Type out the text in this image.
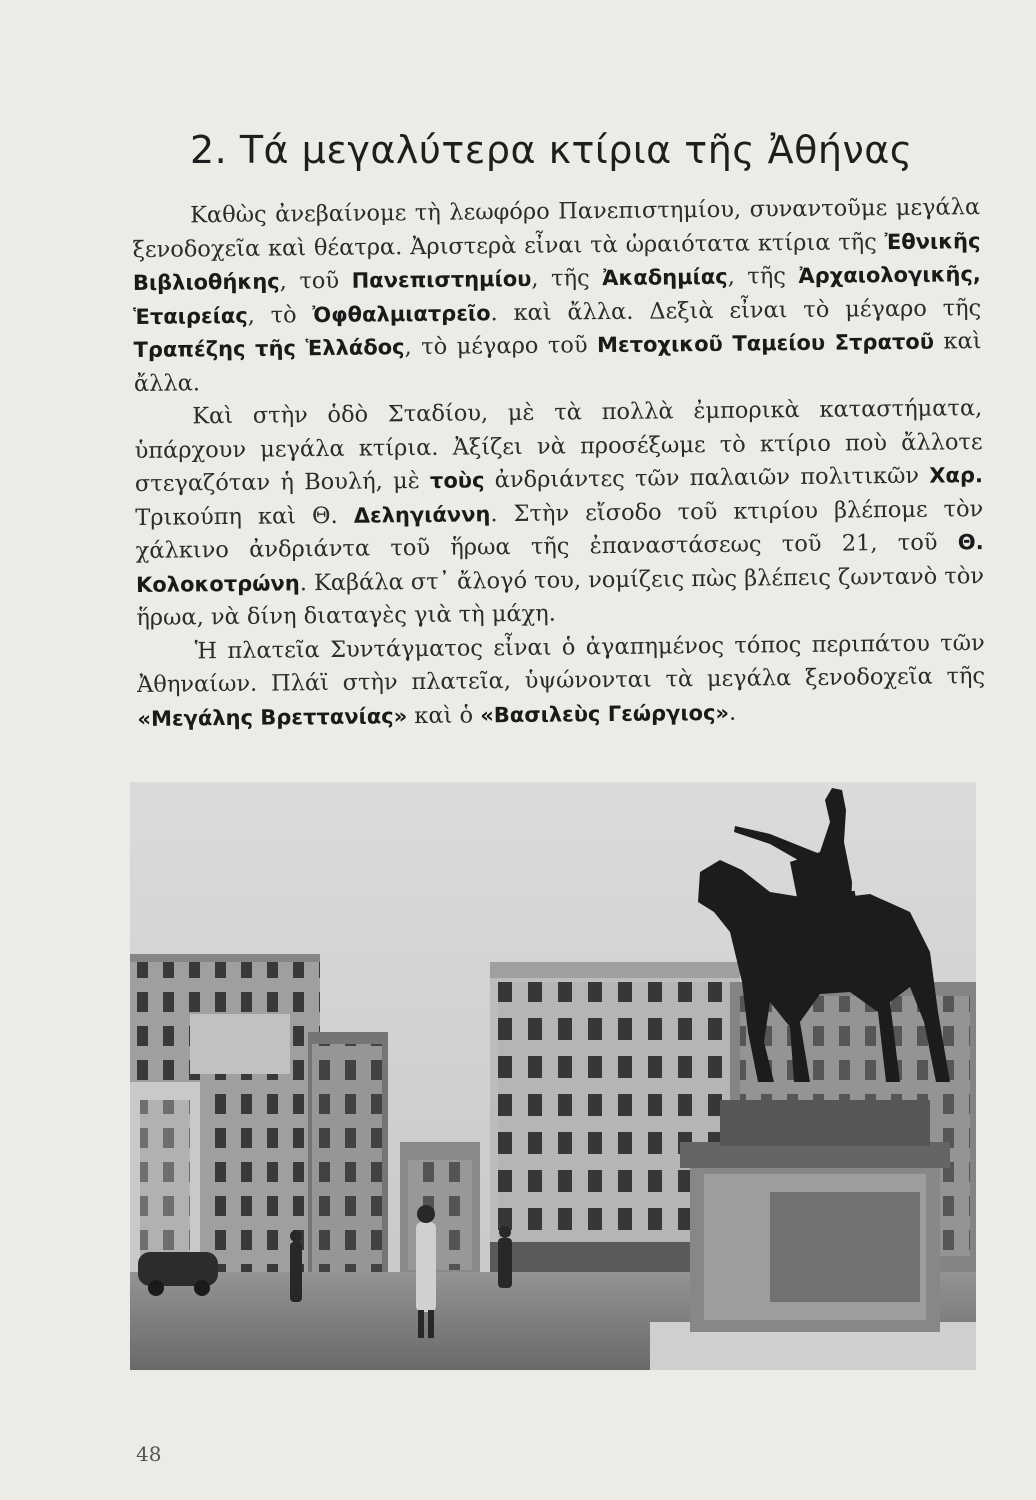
2. Τά μεγαλύτερα κτίρια τῆς Ἀθήνας

Καθὼς ἀνεβαίνομε τὴ λεωφόρο Πανεπιστημίου, συναντοῦμε μεγάλα ξενοδοχεῖα καὶ θέατρα. Ἀριστερὰ εἶναι τὰ ὡραιότατα κτίρια τῆς Ἐθνικῆς Βιβλιοθήκης, τοῦ Πανεπιστημίου, τῆς Ἀκαδημίας, τῆς Ἀρχαιολογικῆς, Ἑταιρείας, τὸ Ὀφθαλμιατρεῖο. καὶ ἄλλα. Δεξιὰ εἶναι τὸ μέγαρο τῆς Τραπέζης τῆς Ἑλλάδος, τὸ μέγαρο τοῦ Μετοχικοῦ Ταμείου Στρατοῦ καὶ ἄλλα.

Καὶ στὴν ὁδὸ Σταδίου, μὲ τὰ πολλὰ ἐμπορικὰ καταστήματα, ὑπάρχουν μεγάλα κτίρια. Ἀξίζει νὰ προσέξωμε τὸ κτίριο ποὺ ἄλλοτε στεγαζόταν ἡ Βουλή, μὲ τοὺς ἀνδριάντες τῶν παλαιῶν πολιτικῶν Χαρ. Τρικούπη καὶ Θ. Δεληγιάννη. Στὴν εἴσοδο τοῦ κτιρίου βλέπομε τὸν χάλκινο ἀνδριάντα τοῦ ἥρωα τῆς ἐπαναστάσεως τοῦ 21, τοῦ Θ. Κολοκοτρώνη. Καβάλα στ᾽ ἄλογό του, νομίζεις πὼς βλέπεις ζωντανὸ τὸν ἥρωα, νὰ δίνη διαταγὲς γιὰ τὴ μάχη.

Ἡ πλατεῖα Συντάγματος εἶναι ὁ ἀγαπημένος τόπος περιπάτου τῶν Ἀθηναίων. Πλάϊ στὴν πλατεῖα, ὑψώνονται τὰ μεγάλα ξενοδοχεῖα τῆς «Μεγάλης Βρεττανίας» καὶ ὁ «Βασιλεὺς Γεώργιος».

48
